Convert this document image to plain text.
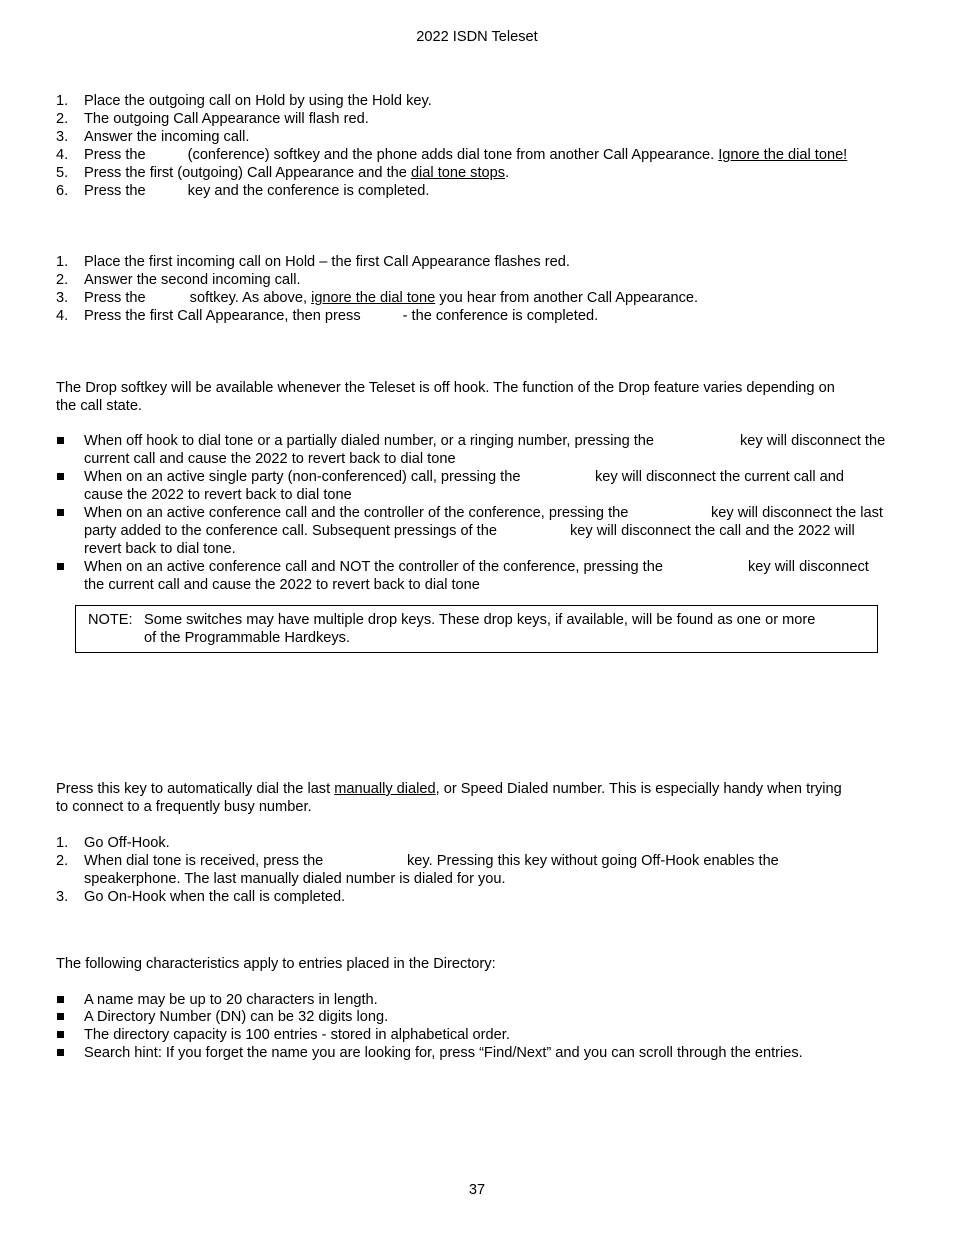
2022 ISDN Teleset
1. Place the outgoing call on Hold by using the Hold key.
2. The outgoing Call Appearance will flash red.
3. Answer the incoming call.
4. Press the	(conference) softkey and the phone adds dial tone from another Call Appearance. Ignore the dial tone!
5. Press the first (outgoing) Call Appearance and the dial tone stops.
6. Press the	key and the conference is completed.
1. Place the first incoming call on Hold – the first Call Appearance flashes red.
2. Answer the second incoming call.
3. Press the	softkey. As above, ignore the dial tone you hear from another Call Appearance.
4. Press the first Call Appearance, then press	- the conference is completed.
The Drop softkey will be available whenever the Teleset is off hook. The function of the Drop feature varies depending on
the call state.
When off hook to dial tone or a partially dialed number, or a ringing number, pressing the	key will disconnect the
current call and cause the 2022 to revert back to dial tone
When on an active single party (non-conferenced) call, pressing the	key will disconnect the current call and
cause the 2022 to revert back to dial tone
When on an active conference call and the controller of the conference, pressing the	key will disconnect the last
party added to the conference call. Subsequent pressings of the	key will disconnect the call and the 2022 will
revert back to dial tone.
When on an active conference call and NOT the controller of the conference, pressing the	key will disconnect
the current call and cause the 2022 to revert back to dial tone
NOTE: Some switches may have multiple drop keys. These drop keys, if available, will be found as one or more
of the Programmable Hardkeys.
Press this key to automatically dial the last manually dialed, or Speed Dialed number. This is especially handy when trying
to connect to a frequently busy number.
1. Go Off-Hook.
2. When dial tone is received, press the	key. Pressing this key without going Off-Hook enables the
speakerphone. The last manually dialed number is dialed for you.
3. Go On-Hook when the call is completed.
The following characteristics apply to entries placed in the Directory:
A name may be up to 20 characters in length.
A Directory Number (DN) can be 32 digits long.
The directory capacity is 100 entries - stored in alphabetical order.
Search hint: If you forget the name you are looking for, press “Find/Next” and you can scroll through the entries.
37
